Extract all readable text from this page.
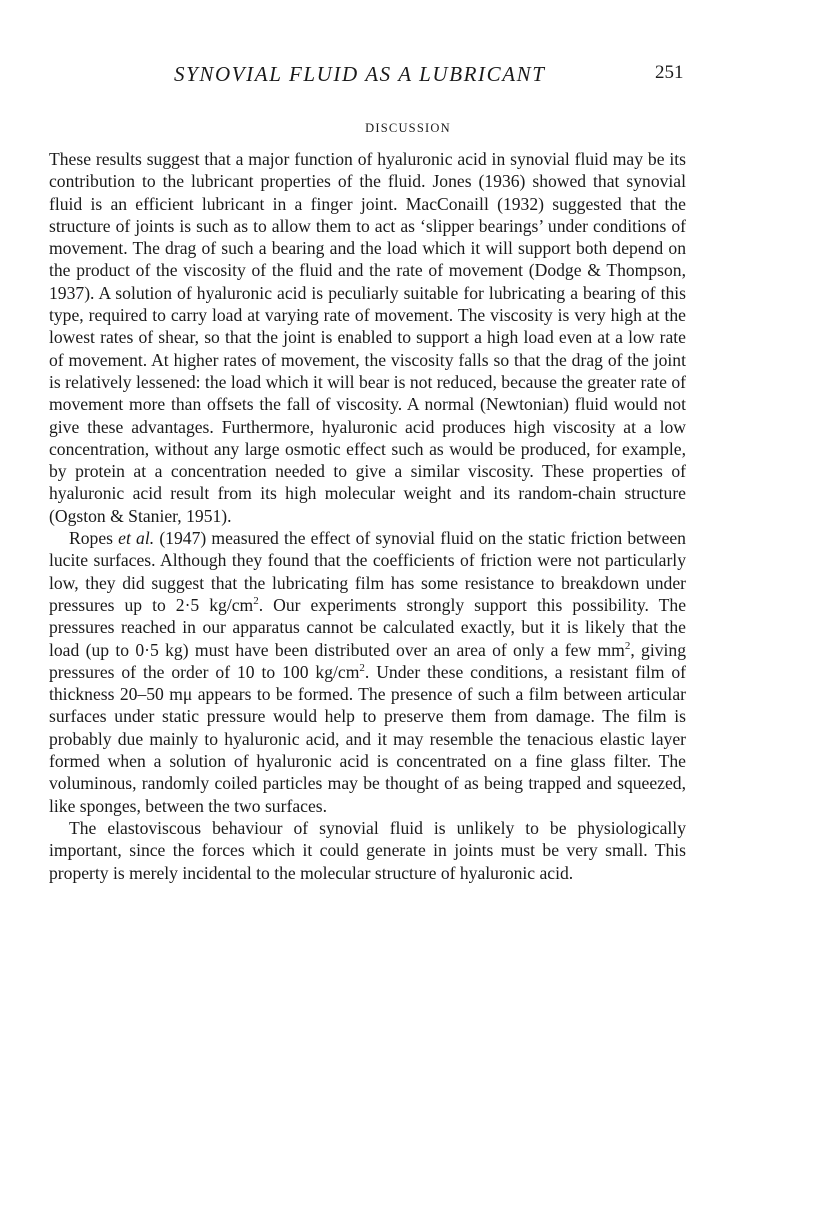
SYNOVIAL FLUID AS A LUBRICANT	251
DISCUSSION

These results suggest that a major function of hyaluronic acid in synovial fluid may be its contribution to the lubricant properties of the fluid. Jones (1936) showed that synovial fluid is an efficient lubricant in a finger joint. MacConaill (1932) suggested that the structure of joints is such as to allow them to act as ‘slipper bearings’ under conditions of movement. The drag of such a bearing and the load which it will support both depend on the product of the viscosity of the fluid and the rate of movement (Dodge & Thompson, 1937). A solution of hyaluronic acid is peculiarly suitable for lubricating a bearing of this type, required to carry load at varying rate of movement. The viscosity is very high at the lowest rates of shear, so that the joint is enabled to support a high load even at a low rate of movement. At higher rates of movement, the viscosity falls so that the drag of the joint is relatively lessened: the load which it will bear is not reduced, because the greater rate of movement more than offsets the fall of viscosity. A normal (Newtonian) fluid would not give these advantages. Furthermore, hyaluronic acid produces high viscosity at a low concentration, without any large osmotic effect such as would be produced, for example, by protein at a concentration needed to give a similar viscosity. These properties of hyaluronic acid result from its high molecular weight and its random-chain structure (Ogston & Stanier, 1951).

Ropes et al. (1947) measured the effect of synovial fluid on the static friction between lucite surfaces. Although they found that the coefficients of friction were not particularly low, they did suggest that the lubricating film has some resistance to breakdown under pressures up to 2·5 $kg/cm^2$. Our experiments strongly support this possibility. The pressures reached in our apparatus cannot be calculated exactly, but it is likely that the load (up to 0·5 kg) must have been distributed over an area of only a few $mm^2$, giving pressures of the order of 10 to 100 $kg/cm^2$. Under these conditions, a resistant film of thickness 20–50 mμ appears to be formed. The presence of such a film between articular surfaces under static pressure would help to preserve them from damage. The film is probably due mainly to hyaluronic acid, and it may resemble the tenacious elastic layer formed when a solution of hyaluronic acid is concentrated on a fine glass filter. The voluminous, randomly coiled particles may be thought of as being trapped and squeezed, like sponges, between the two surfaces.

The elastoviscous behaviour of synovial fluid is unlikely to be physiologically important, since the forces which it could generate in joints must be very small. This property is merely incidental to the molecular structure of hyaluronic acid.
